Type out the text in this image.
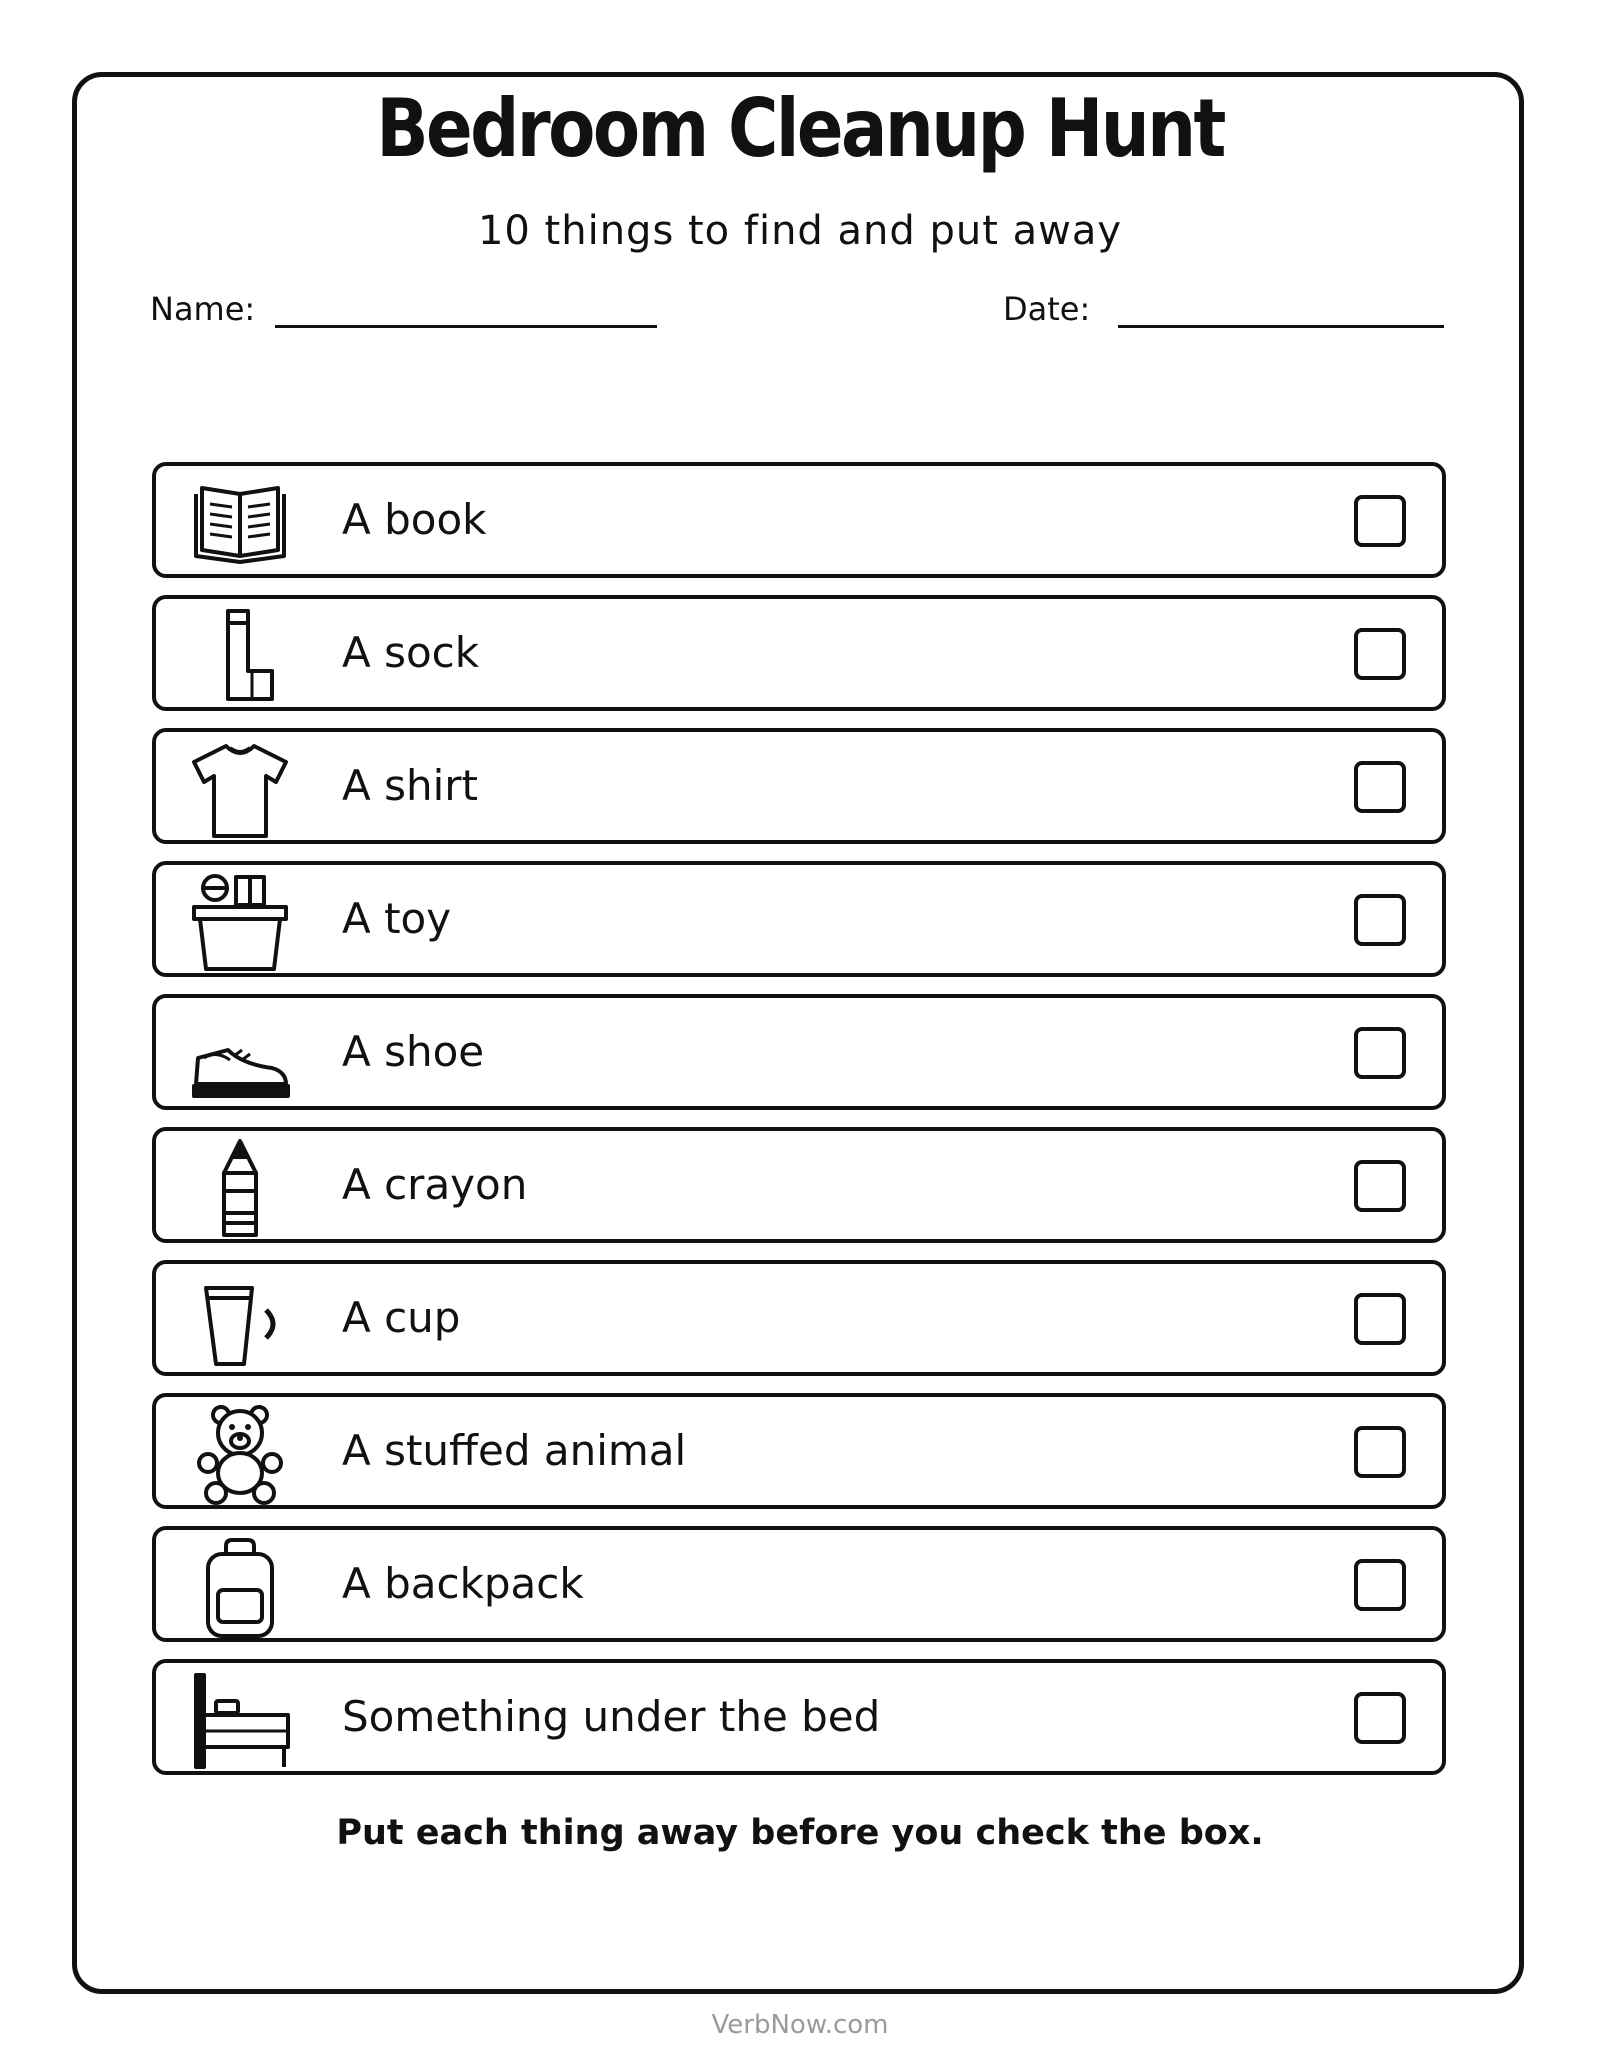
Bedroom Cleanup Hunt
10 things to find and put away
Name:	Date:
A book
A sock
A shirt
A toy
A shoe
A crayon
A cup
A stuffed animal
A backpack
Something under the bed
Put each thing away before you check the box.
VerbNow.com
